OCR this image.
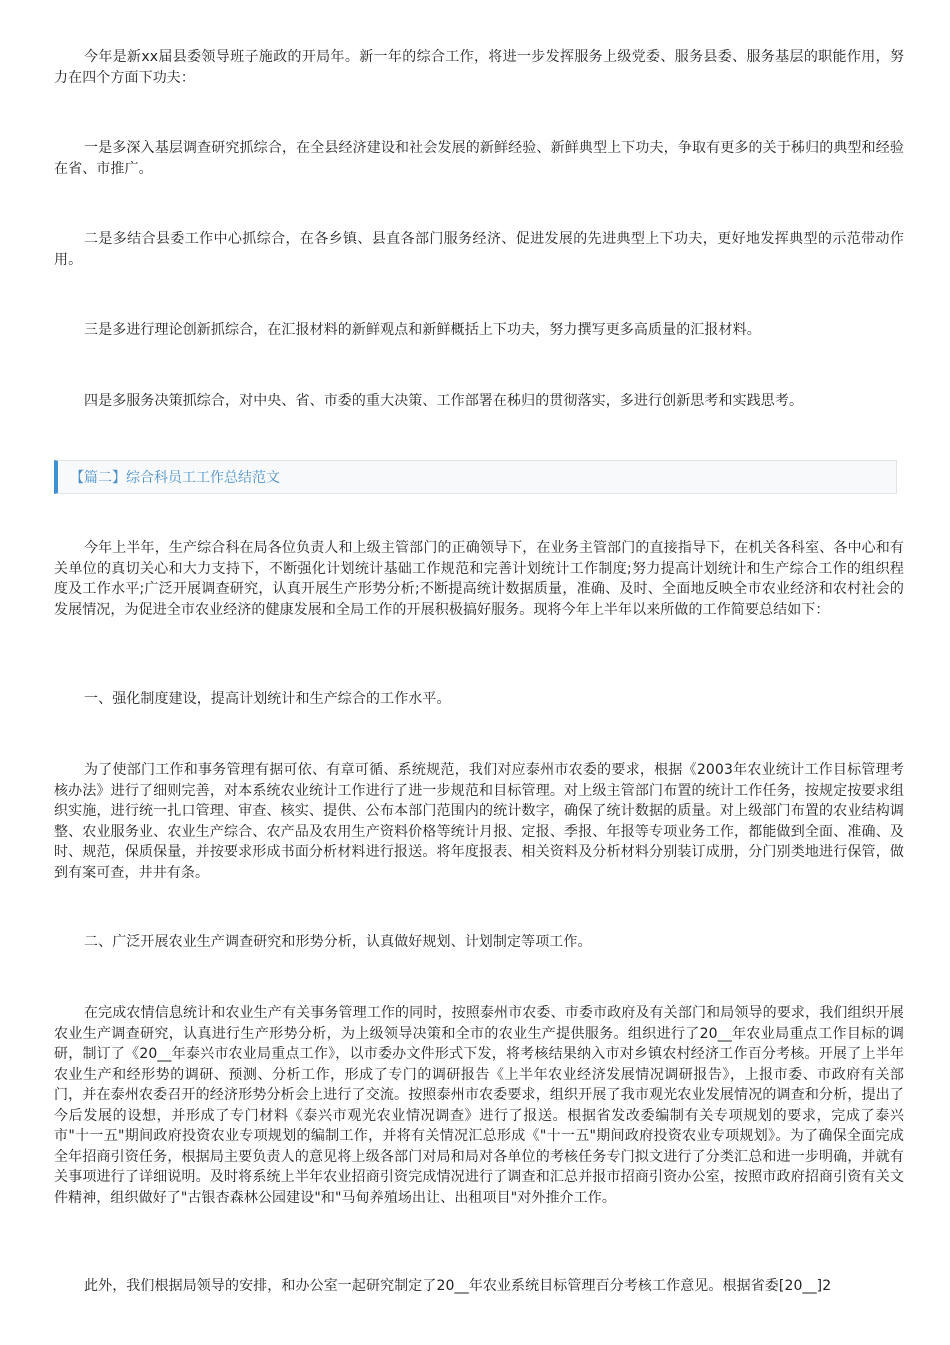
今年是新xx届县委领导班子施政的开局年。新一年的综合工作，将进一步发挥服务上级党委、服务县委、服务基层的职能作用，努力在四个方面下功夫：

一是多深入基层调查研究抓综合，在全县经济建设和社会发展的新鲜经验、新鲜典型上下功夫，争取有更多的关于秭归的典型和经验在省、市推广。

二是多结合县委工作中心抓综合，在各乡镇、县直各部门服务经济、促进发展的先进典型上下功夫，更好地发挥典型的示范带动作用。

三是多进行理论创新抓综合，在汇报材料的新鲜观点和新鲜概括上下功夫，努力撰写更多高质量的汇报材料。

四是多服务决策抓综合，对中央、省、市委的重大决策、工作部署在秭归的贯彻落实，多进行创新思考和实践思考。

【篇二】综合科员工工作总结范文

今年上半年，生产综合科在局各位负责人和上级主管部门的正确领导下，在业务主管部门的直接指导下，在机关各科室、各中心和有关单位的真切关心和大力支持下，不断强化计划统计基础工作规范和完善计划统计工作制度;努力提高计划统计和生产综合工作的组织程度及工作水平;广泛开展调查研究，认真开展生产形势分析;不断提高统计数据质量，准确、及时、全面地反映全市农业经济和农村社会的发展情况，为促进全市农业经济的健康发展和全局工作的开展积极搞好服务。现将今年上半年以来所做的工作简要总结如下：

一、强化制度建设，提高计划统计和生产综合的工作水平。

为了使部门工作和事务管理有据可依、有章可循、系统规范，我们对应泰州市农委的要求，根据《2003年农业统计工作目标管理考核办法》进行了细则完善，对本系统农业统计工作进行了进一步规范和目标管理。对上级主管部门布置的统计工作任务，按规定按要求组织实施，进行统一扎口管理、审查、核实、提供、公布本部门范围内的统计数字，确保了统计数据的质量。对上级部门布置的农业结构调整、农业服务业、农业生产综合、农产品及农用生产资料价格等统计月报、定报、季报、年报等专项业务工作，都能做到全面、准确、及时、规范，保质保量，并按要求形成书面分析材料进行报送。将年度报表、相关资料及分析材料分别装订成册，分门别类地进行保管，做到有案可查，井井有条。

二、广泛开展农业生产调查研究和形势分析，认真做好规划、计划制定等项工作。

在完成农情信息统计和农业生产有关事务管理工作的同时，按照泰州市农委、市委市政府及有关部门和局领导的要求，我们组织开展农业生产调查研究，认真进行生产形势分析，为上级领导决策和全市的农业生产提供服务。组织进行了20__年农业局重点工作目标的调研，制订了《20__年泰兴市农业局重点工作》，以市委办文件形式下发，将考核结果纳入市对乡镇农村经济工作百分考核。开展了上半年农业生产和经形势的调研、预测、分析工作，形成了专门的调研报告《上半年农业经济发展情况调研报告》，上报市委、市政府有关部门，并在泰州农委召开的经济形势分析会上进行了交流。按照泰州市农委要求，组织开展了我市观光农业发展情况的调查和分析，提出了今后发展的设想，并形成了专门材料《泰兴市观光农业情况调查》进行了报送。根据省发改委编制有关专项规划的要求，完成了泰兴市"十一五"期间政府投资农业专项规划的编制工作，并将有关情况汇总形成《"十一五"期间政府投资农业专项规划》。为了确保全面完成全年招商引资任务，根据局主要负责人的意见将上级各部门对局和局对各单位的考核任务专门拟文进行了分类汇总和进一步明确，并就有关事项进行了详细说明。及时将系统上半年农业招商引资完成情况进行了调查和汇总并报市招商引资办公室，按照市政府招商引资有关文件精神，组织做好了"古银杏森林公园建设"和"马甸养殖场出让、出租项目"对外推介工作。

此外，我们根据局领导的安排，和办公室一起研究制定了20__年农业系统目标管理百分考核工作意见。根据省委[20__]2
